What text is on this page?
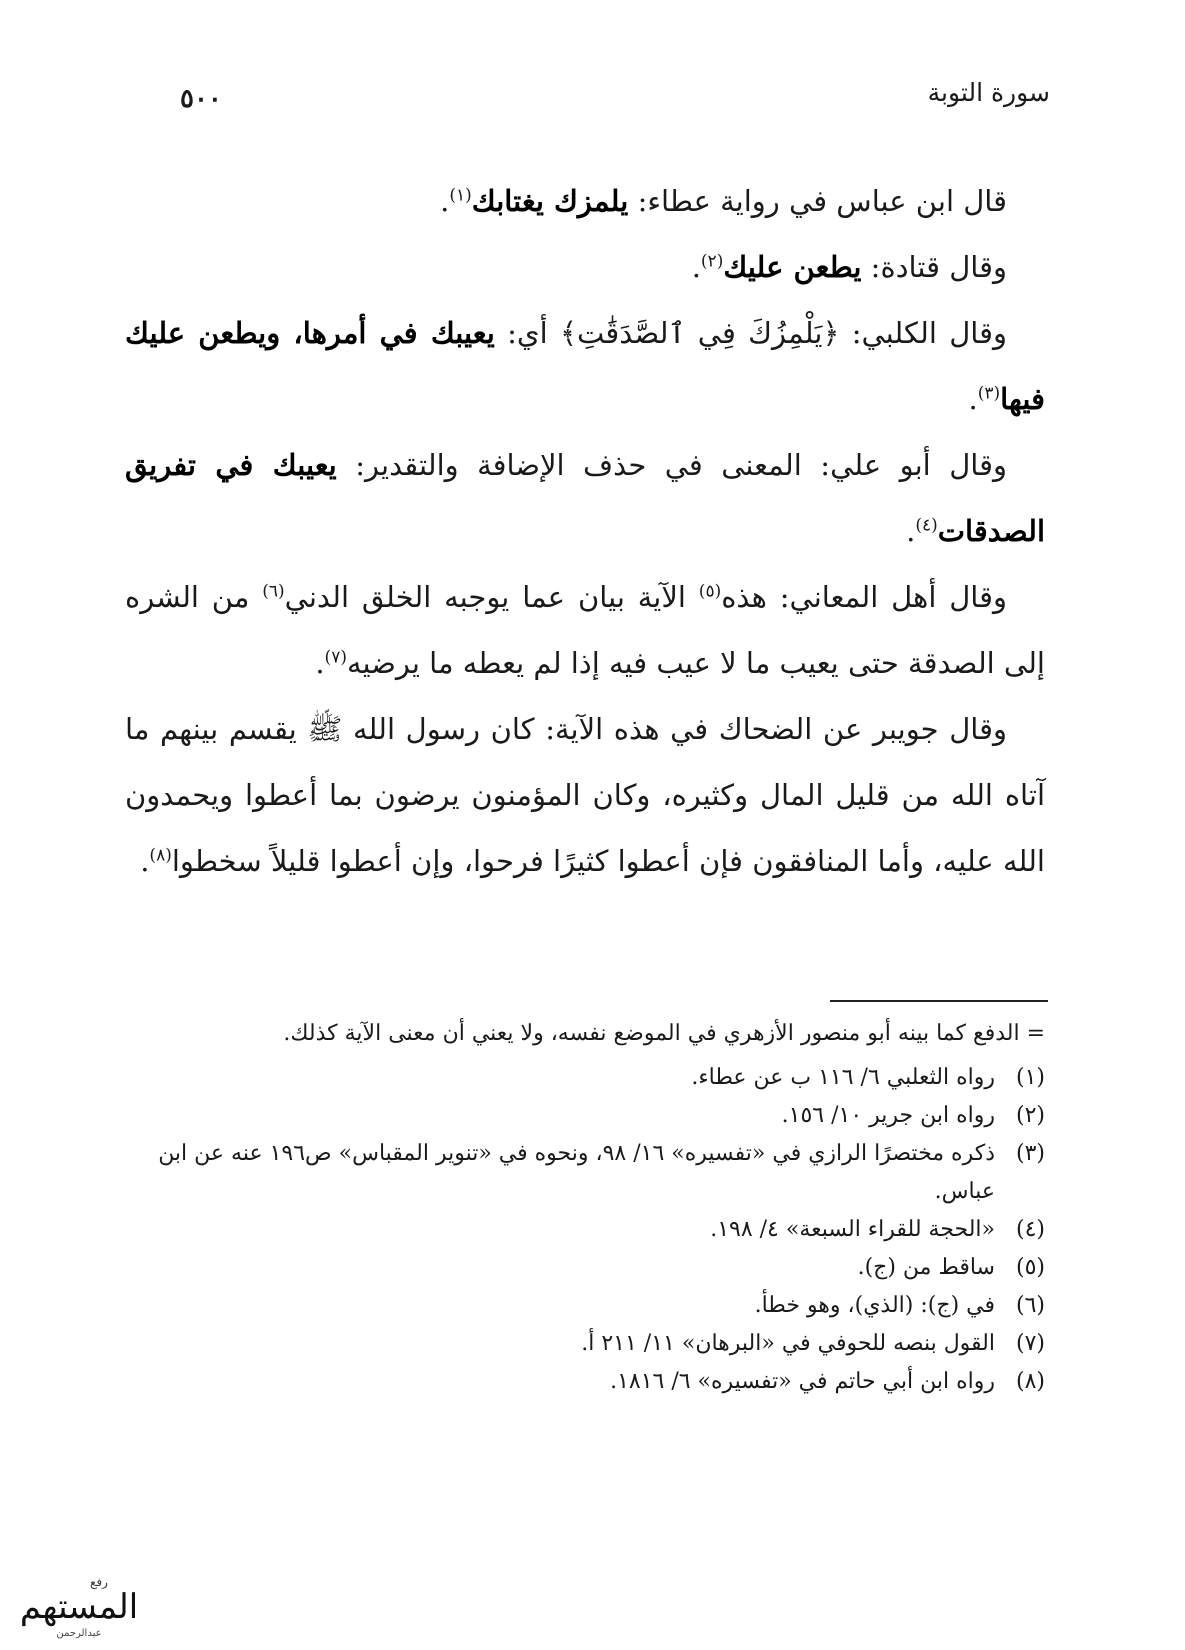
سورة التوبة
٥٠٠

قال ابن عباس في رواية عطاء: يلمزك يغتابك$^{(١)}$.

وقال قتادة: يطعن عليك$^{(٢)}$.

وقال الكلبي: ﴿يَلْمِزُكَ فِي ٱلصَّدَقَٰتِ﴾ أي: يعيبك في أمرها، ويطعن عليك فيها$^{(٣)}$.

وقال أبو علي: المعنى في حذف الإضافة والتقدير: يعيبك في تفريق الصدقات$^{(٤)}$.

وقال أهل المعاني: هذه$^{(٥)}$ الآية بيان عما يوجبه الخلق الدني$^{(٦)}$ من الشره إلى الصدقة حتى يعيب ما لا عيب فيه إذا لم يعطه ما يرضيه$^{(٧)}$.

وقال جويبر عن الضحاك في هذه الآية: كان رسول الله ﷺ يقسم بينهم ما آتاه الله من قليل المال وكثيره، وكان المؤمنون يرضون بما أعطوا ويحمدون الله عليه، وأما المنافقون فإن أعطوا كثيرًا فرحوا، وإن أعطوا قليلاً سخطوا$^{(٨)}$.

= الدفع كما بينه أبو منصور الأزهري في الموضع نفسه، ولا يعني أن معنى الآية كذلك.

(١)
رواه الثعلبي ٦/ ١١٦ ب عن عطاء.
(٢)
رواه ابن جرير ١٠/ ١٥٦.
(٣)
ذكره مختصرًا الرازي في «تفسيره» ١٦/ ٩٨، ونحوه في «تنوير المقباس» ص١٩٦ عنه عن ابن عباس.
(٤)
«الحجة للقراء السبعة» ٤/ ١٩٨.
(٥)
ساقط من (ج).
(٦)
في (ج): (الذي)، وهو خطأ.
(٧)
القول بنصه للحوفي في «البرهان» ١١/ ٢١١ أ.
(٨)
رواه ابن أبي حاتم في «تفسيره» ٦/ ١٨١٦.
رفع
المستهم
عبدالرحمن
